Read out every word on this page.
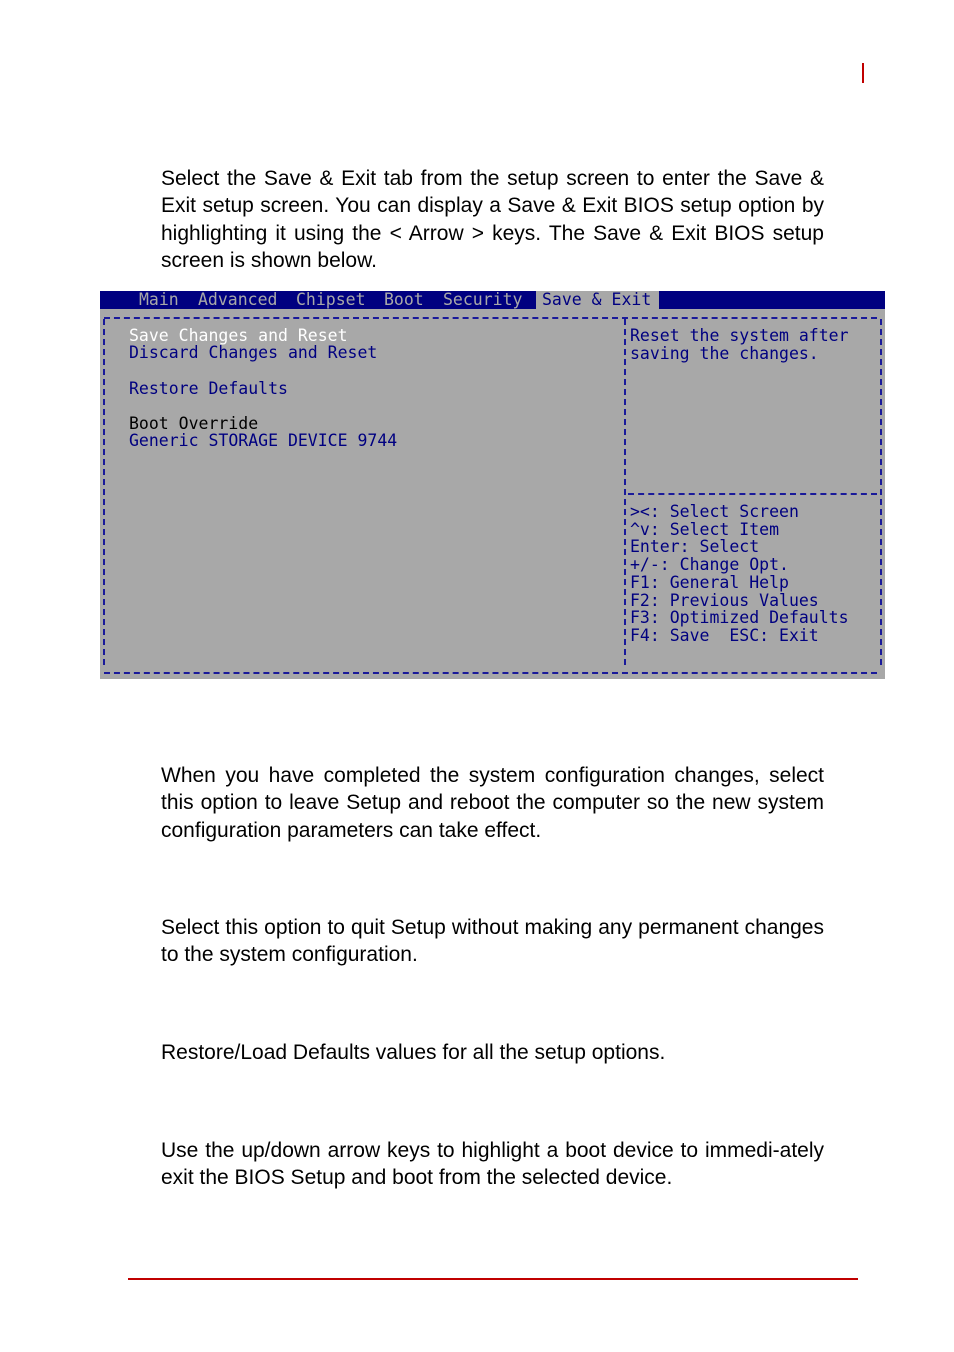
Select the Save & Exit tab from the setup screen to enter the Save & Exit setup screen. You can display a Save & Exit BIOS setup option by highlighting it using the < Arrow > keys. The Save & Exit BIOS setup screen is shown below.

Main Advanced Chipset Boot Security	Save & Exit
Save Changes and Reset
Discard Changes and Reset
Restore Defaults
Boot Override
Generic STORAGE DEVICE 9744
Reset the system after
saving the changes.
><: Select Screen
^v: Select Item
Enter: Select
+/-: Change Opt.
F1: General Help
F2: Previous Values
F3: Optimized Defaults
F4: Save  ESC: Exit

When you have completed the system configuration changes, select this option to leave Setup and reboot the computer so the new system configuration parameters can take effect.

Select this option to quit Setup without making any permanent changes to the system configuration.

Restore/Load Defaults values for all the setup options.

Use the up/down arrow keys to highlight a boot device to immedi-ately exit the BIOS Setup and boot from the selected device.
